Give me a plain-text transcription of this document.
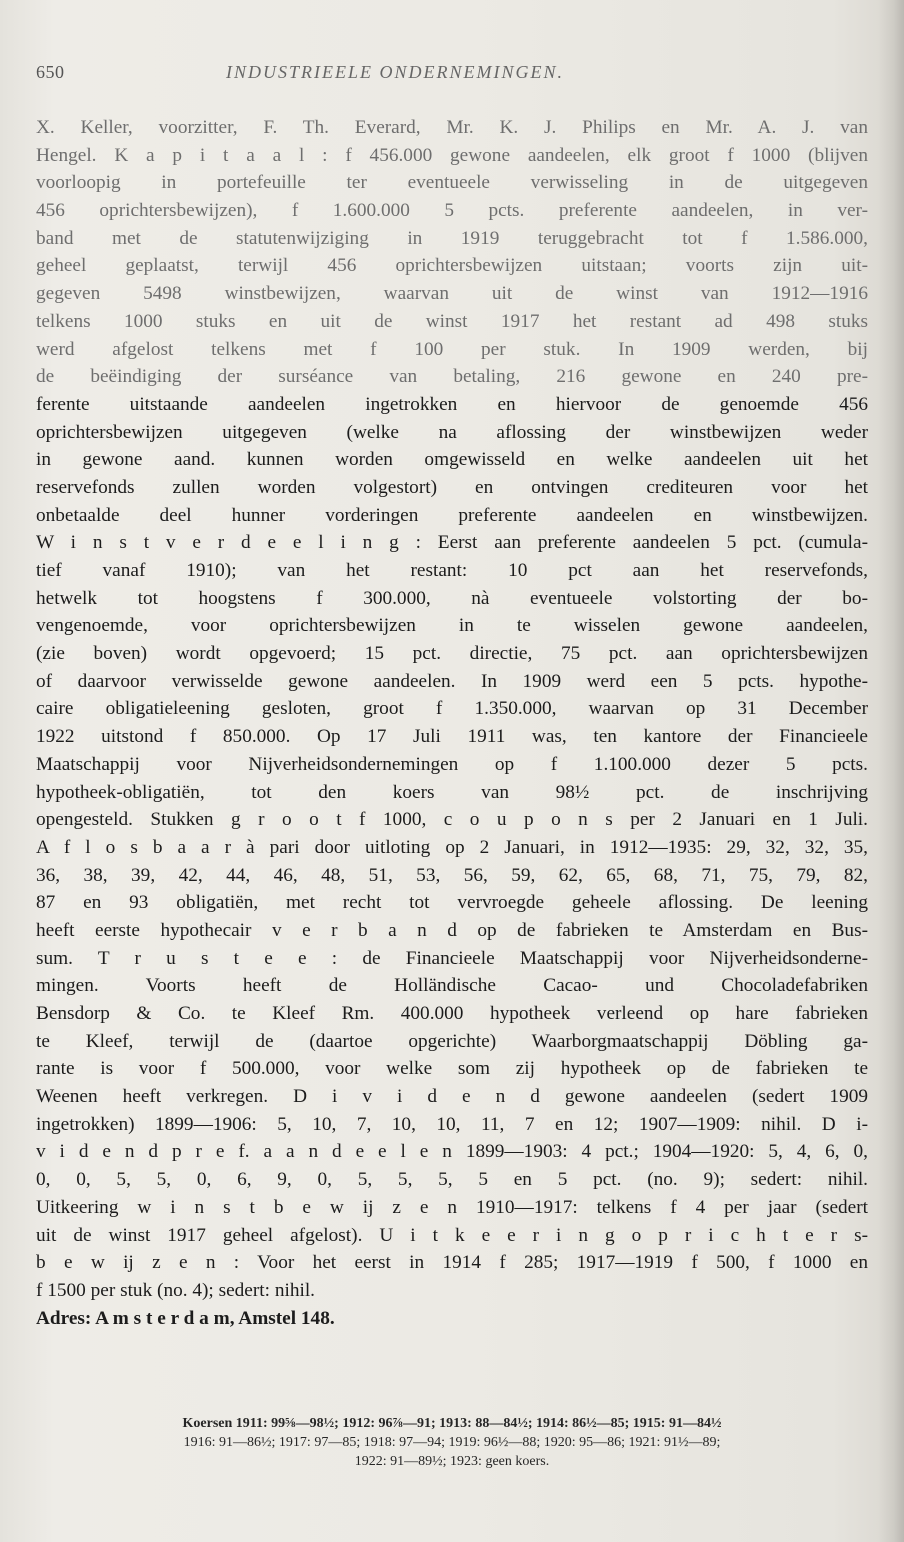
650	INDUSTRIEELE ONDERNEMINGEN.
X. Keller, voorzitter, F. Th. Everard, Mr. K. J. Philips en Mr. A. J. van
Hengel. K a p i t a a l : f 456.000 gewone aandeelen, elk groot f 1000 (blijven
voorloopig in portefeuille ter eventueele verwisseling in de uitgegeven
456 oprichtersbewijzen), f 1.600.000 5 pcts. preferente aandeelen, in ver-
band met de statutenwijziging in 1919 teruggebracht tot f 1.586.000,
geheel geplaatst, terwijl 456 oprichtersbewijzen uitstaan; voorts zijn uit-
gegeven 5498 winstbewijzen, waarvan uit de winst van 1912—1916
telkens 1000 stuks en uit de winst 1917 het restant ad 498 stuks
werd afgelost telkens met f 100 per stuk. In 1909 werden, bij
de beëindiging der surséance van betaling, 216 gewone en 240 pre-
ferente uitstaande aandeelen ingetrokken en hiervoor de genoemde 456
oprichtersbewijzen uitgegeven (welke na aflossing der winstbewijzen weder
in gewone aand. kunnen worden omgewisseld en welke aandeelen uit het
reservefonds zullen worden volgestort) en ontvingen crediteuren voor het
onbetaalde deel hunner vorderingen preferente aandeelen en winstbewijzen.
W i n s t v e r d e e l i n g : Eerst aan preferente aandeelen 5 pct. (cumula-
tief vanaf 1910); van het restant: 10 pct aan het reservefonds,
hetwelk tot hoogstens f 300.000, nà eventueele volstorting der bo-
vengenoemde, voor oprichtersbewijzen in te wisselen gewone aandeelen,
(zie boven) wordt opgevoerd; 15 pct. directie, 75 pct. aan oprichtersbewijzen
of daarvoor verwisselde gewone aandeelen. In 1909 werd een 5 pcts. hypothe-
caire obligatieleening gesloten, groot f 1.350.000, waarvan op 31 December
1922 uitstond f 850.000. Op 17 Juli 1911 was, ten kantore der Financieele
Maatschappij voor Nijverheidsondernemingen op f 1.100.000 dezer 5 pcts.
hypotheek-obligatiën, tot den koers van 98½ pct. de inschrijving
opengesteld. Stukken g r o o t f 1000, c o u p o n s per 2 Januari en 1 Juli.
A f l o s b a a r à pari door uitloting op 2 Januari, in 1912—1935: 29, 32, 32, 35,
36, 38, 39, 42, 44, 46, 48, 51, 53, 56, 59, 62, 65, 68, 71, 75, 79, 82,
87 en 93 obligatiën, met recht tot vervroegde geheele aflossing. De leening
heeft eerste hypothecair v e r b a n d op de fabrieken te Amsterdam en Bus-
sum. T r u s t e e : de Financieele Maatschappij voor Nijverheidsonderne-
mingen. Voorts heeft de Holländische Cacao- und Chocoladefabriken
Bensdorp & Co. te Kleef Rm. 400.000 hypotheek verleend op hare fabrieken
te Kleef, terwijl de (daartoe opgerichte) Waarborgmaatschappij Döbling ga-
rante is voor f 500.000, voor welke som zij hypotheek op de fabrieken te
Weenen heeft verkregen. D i v i d e n d gewone aandeelen (sedert 1909
ingetrokken) 1899—1906: 5, 10, 7, 10, 10, 11, 7 en 12; 1907—1909: nihil. D i-
v i d e n d p r e f. a a n d e e l e n 1899—1903: 4 pct.; 1904—1920: 5, 4, 6, 0,
0, 0, 5, 5, 0, 6, 9, 0, 5, 5, 5, 5 en 5 pct. (no. 9); sedert: nihil.
Uitkeering w i n s t b e w ij z e n 1910—1917: telkens f 4 per jaar (sedert
uit de winst 1917 geheel afgelost). U i t k e e r i n g o p r i c h t e r s-
b e w ij z e n : Voor het eerst in 1914 f 285; 1917—1919 f 500, f 1000 en
f 1500 per stuk (no. 4); sedert: nihil.
Adres: A m s t e r d a m, Amstel 148.
Koersen 1911: 99⅝—98½; 1912: 96⅞—91; 1913: 88—84½; 1914: 86½—85; 1915: 91—84½
1916: 91—86½; 1917: 97—85; 1918: 97—94; 1919: 96½—88; 1920: 95—86; 1921: 91½—89;
1922: 91—89½; 1923: geen koers.
